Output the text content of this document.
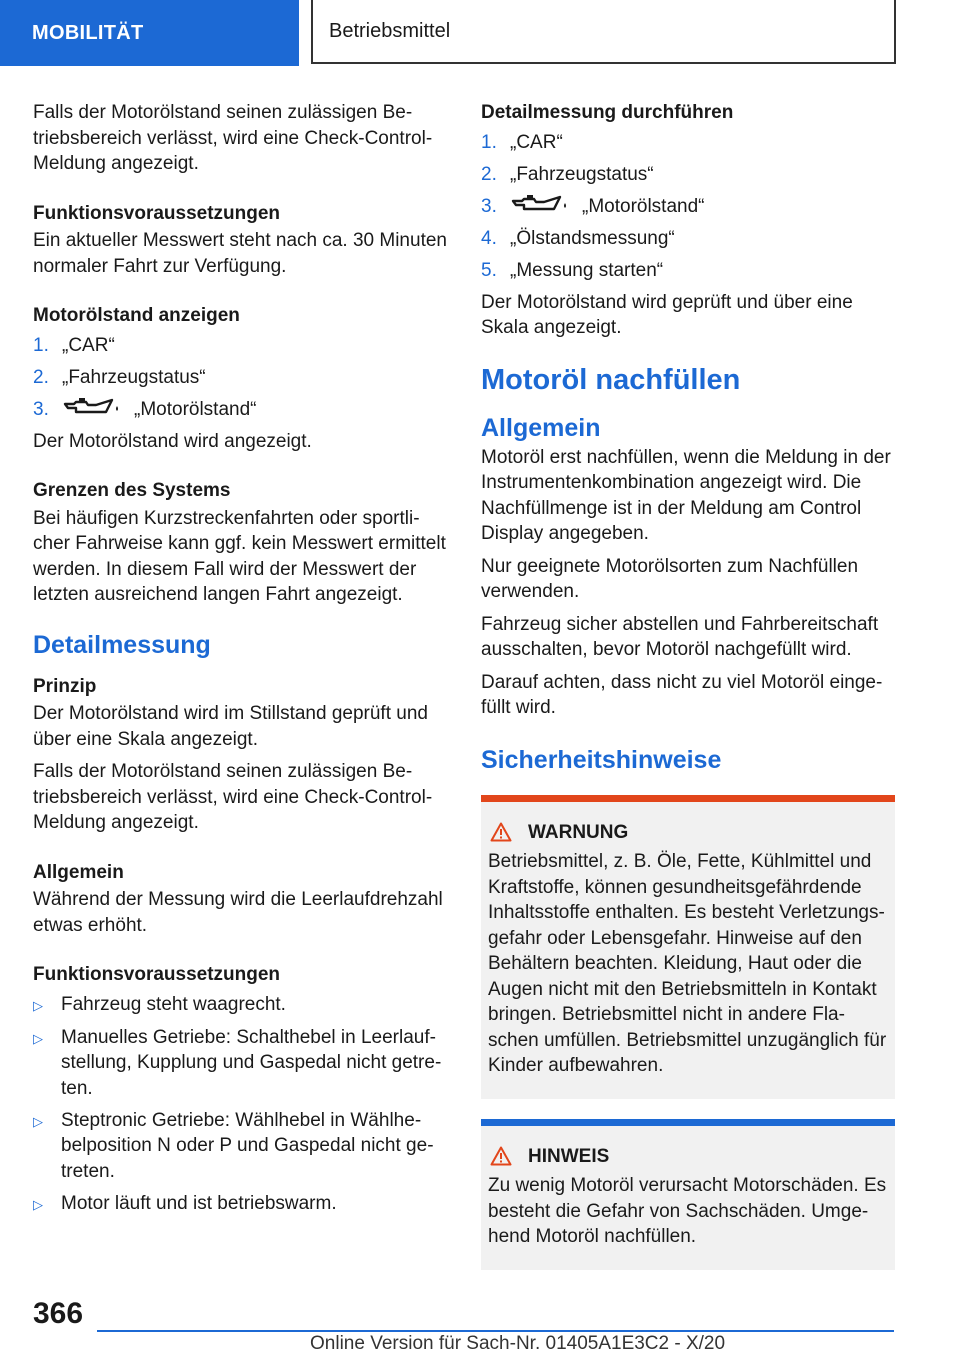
MOBILITÄT	Betriebsmittel

Falls der Motorölstand seinen zulässigen Betriebsbereich verlässt, wird eine Check-Control-Meldung angezeigt.

Funktionsvoraussetzungen

Ein aktueller Messwert steht nach ca. 30 Minuten normaler Fahrt zur Verfügung.

Motorölstand anzeigen
1. „CAR“
2. „Fahrzeugstatus“
3.	„Motorölstand“

Der Motorölstand wird angezeigt.

Grenzen des Systems

Bei häufigen Kurzstreckenfahrten oder sportlicher Fahrweise kann ggf. kein Messwert ermittelt werden. In diesem Fall wird der Messwert der letzten ausreichend langen Fahrt angezeigt.

Detailmessung
Prinzip

Der Motorölstand wird im Stillstand geprüft und über eine Skala angezeigt.

Falls der Motorölstand seinen zulässigen Betriebsbereich verlässt, wird eine Check-Control-Meldung angezeigt.

Allgemein

Während der Messung wird die Leerlaufdrehzahl etwas erhöht.

Funktionsvoraussetzungen
▷ Fahrzeug steht waagrecht.
▷ Manuelles Getriebe: Schalthebel in Leerlaufstellung, Kupplung und Gaspedal nicht getreten.
▷ Steptronic Getriebe: Wählhebel in Wählhebelposition N oder P und Gaspedal nicht getreten.
▷ Motor läuft und ist betriebswarm.
Detailmessung durchführen
1. „CAR“
2. „Fahrzeugstatus“
3.	„Motorölstand“
4. „Ölstandsmessung“
5. „Messung starten“

Der Motorölstand wird geprüft und über eine Skala angezeigt.

Motoröl nachfüllen
Allgemein

Motoröl erst nachfüllen, wenn die Meldung in der Instrumentenkombination angezeigt wird. Die Nachfüllmenge ist in der Meldung am Control Display angegeben.

Nur geeignete Motorölsorten zum Nachfüllen verwenden.

Fahrzeug sicher abstellen und Fahrbereitschaft ausschalten, bevor Motoröl nachgefüllt wird.

Darauf achten, dass nicht zu viel Motoröl eingefüllt wird.

Sicherheitshinweise
WARNUNG

Betriebsmittel, z. B. Öle, Fette, Kühlmittel und Kraftstoffe, können gesundheitsgefährdende Inhaltsstoffe enthalten. Es besteht Verletzungsgefahr oder Lebensgefahr. Hinweise auf den Behältern beachten. Kleidung, Haut oder die Augen nicht mit den Betriebsmitteln in Kontakt bringen. Betriebsmittel nicht in andere Flaschen umfüllen. Betriebsmittel unzugänglich für Kinder aufbewahren.

HINWEIS

Zu wenig Motoröl verursacht Motorschäden. Es besteht die Gefahr von Sachschäden. Umgehend Motoröl nachfüllen.

366
Online Version für Sach-Nr. 01405A1E3C2 - X/20
